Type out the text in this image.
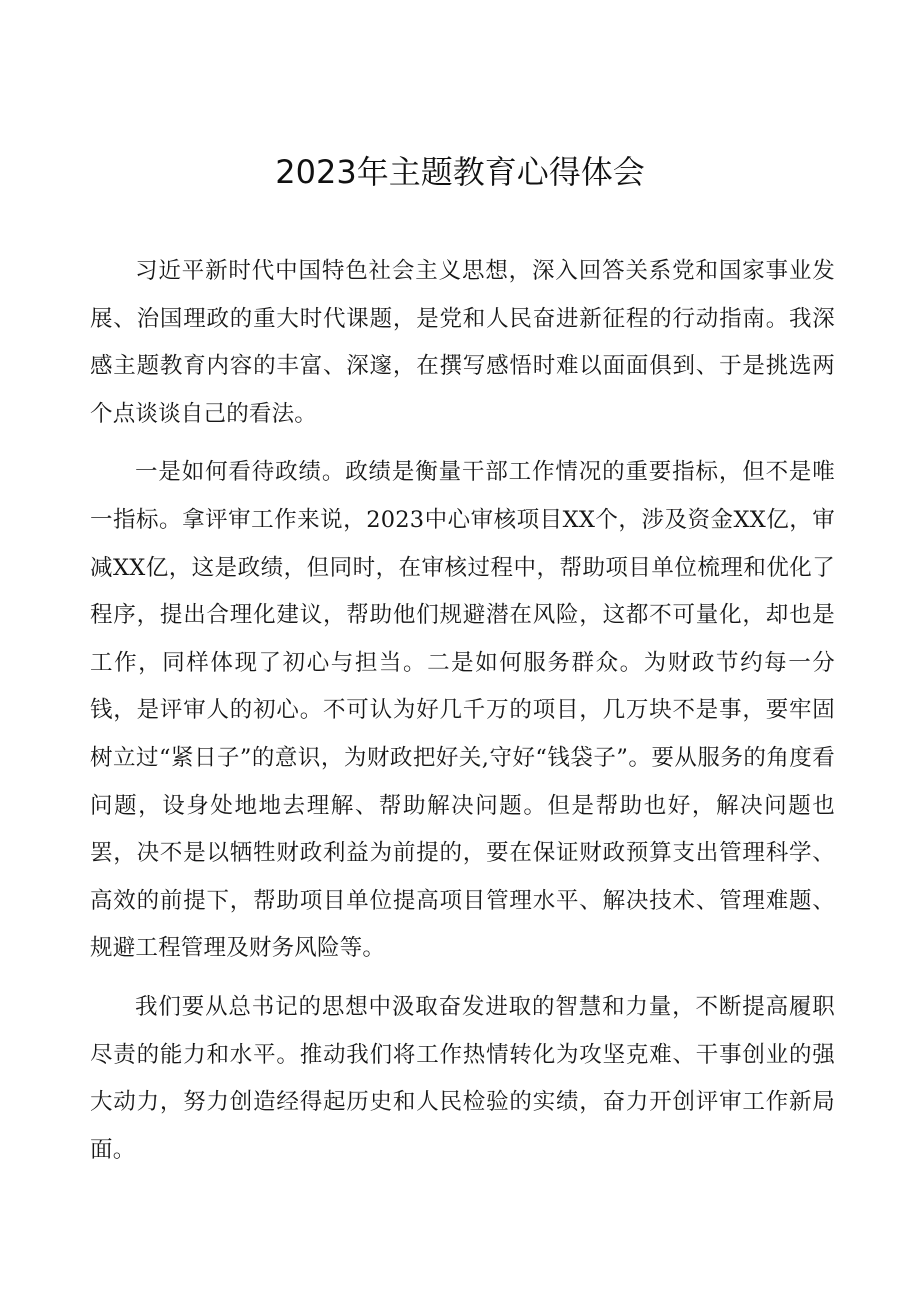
2023年主题教育心得体会

习近平新时代中国特色社会主义思想，深入回答关系党和国家事业发展、治国理政的重大时代课题，是党和人民奋进新征程的行动指南。我深感主题教育内容的丰富、深邃，在撰写感悟时难以面面俱到、于是挑选两个点谈谈自己的看法。

一是如何看待政绩。政绩是衡量干部工作情况的重要指标，但不是唯一指标。拿评审工作来说，2023中心审核项目XX个，涉及资金XX亿，审减XX亿，这是政绩，但同时，在审核过程中，帮助项目单位梳理和优化了程序，提出合理化建议，帮助他们规避潜在风险，这都不可量化，却也是工作，同样体现了初心与担当。二是如何服务群众。为财政节约每一分钱，是评审人的初心。不可认为好几千万的项目，几万块不是事，要牢固树立过“紧日子”的意识，为财政把好关,守好“钱袋子”。要从服务的角度看问题，设身处地地去理解、帮助解决问题。但是帮助也好，解决问题也罢，决不是以牺牲财政利益为前提的，要在保证财政预算支出管理科学、高效的前提下，帮助项目单位提高项目管理水平、解决技术、管理难题、规避工程管理及财务风险等。

我们要从总书记的思想中汲取奋发进取的智慧和力量，不断提高履职尽责的能力和水平。推动我们将工作热情转化为攻坚克难、干事创业的强大动力，努力创造经得起历史和人民检验的实绩，奋力开创评审工作新局面。
